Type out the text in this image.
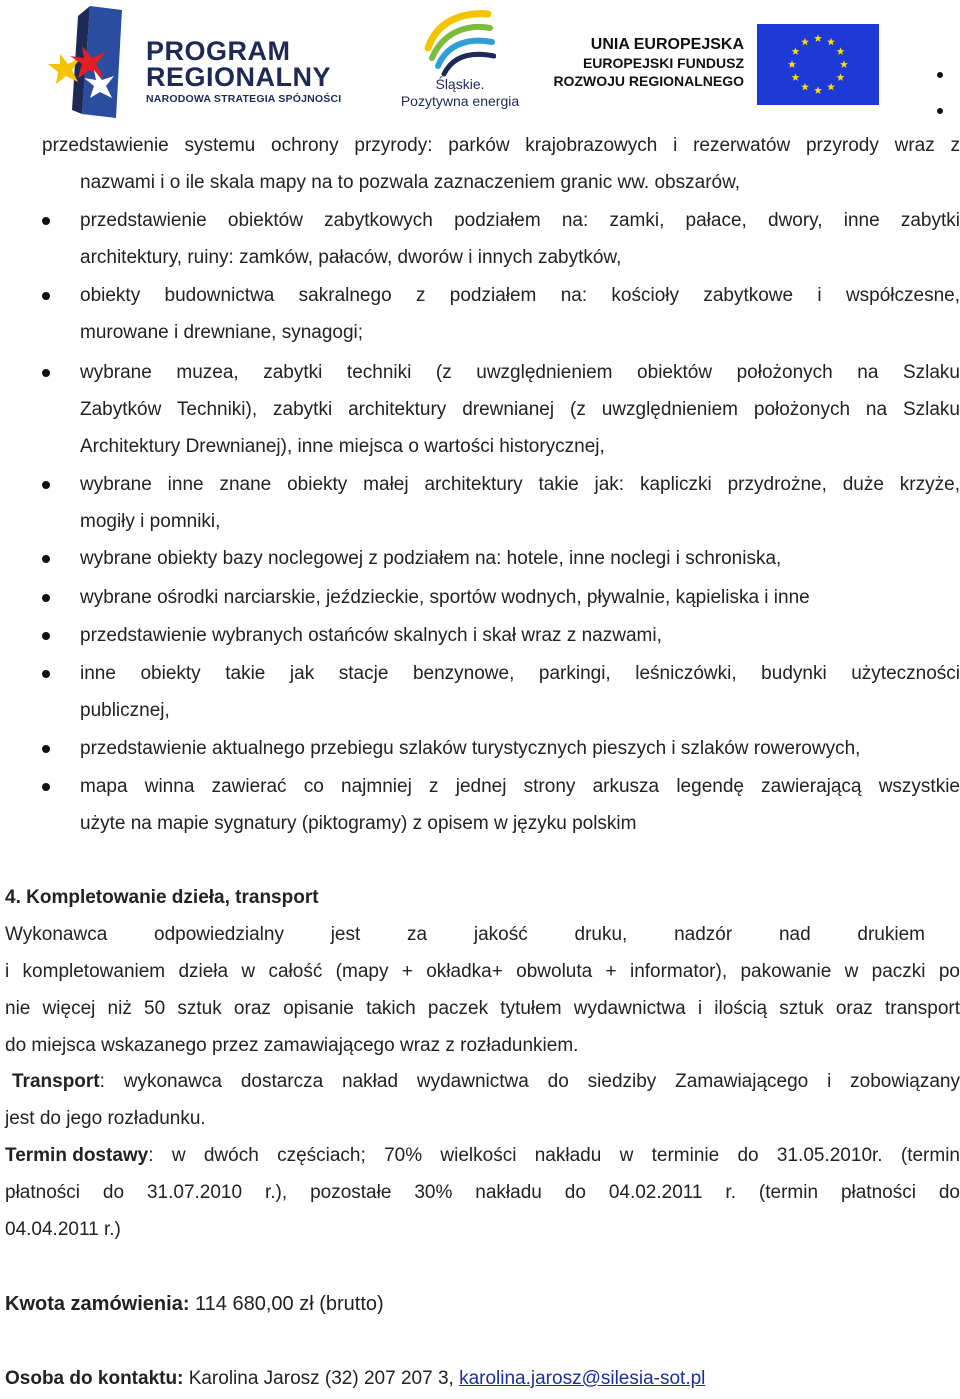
PROGRAM
REGIONALNY
NARODOWA STRATEGIA SPÓJNOŚCI
Śląskie.
Pozytywna energia
UNIA EUROPEJSKA
EUROPEJSKI FUNDUSZ
ROZWOJU REGIONALNEGO
przedstawienie systemu ochrony przyrody: parków krajobrazowych i rezerwatów przyrody wraz z
nazwami i o ile skala mapy na to pozwala zaznaczeniem granic ww. obszarów,
przedstawienie obiektów zabytkowych podziałem na: zamki, pałace, dwory, inne zabytki
architektury, ruiny: zamków, pałaców, dworów i innych zabytków,
obiekty budownictwa sakralnego z podziałem na: kościoły zabytkowe i współczesne,
murowane i drewniane, synagogi;
wybrane muzea, zabytki techniki (z uwzględnieniem obiektów położonych na Szlaku
Zabytków Techniki), zabytki architektury drewnianej (z uwzględnieniem położonych na Szlaku
Architektury Drewnianej), inne miejsca o wartości historycznej,
wybrane inne znane obiekty małej architektury takie jak: kapliczki przydrożne, duże krzyże,
mogiły i pomniki,
wybrane obiekty bazy noclegowej z podziałem na: hotele, inne noclegi i schroniska,
wybrane ośrodki narciarskie, jeździeckie, sportów wodnych, pływalnie, kąpieliska i inne
przedstawienie wybranych ostańców skalnych i skał wraz z nazwami,
inne obiekty takie jak stacje benzynowe, parkingi, leśniczówki, budynki użyteczności
publicznej,
przedstawienie aktualnego przebiegu szlaków turystycznych pieszych i szlaków rowerowych,
mapa winna zawierać co najmniej z jednej strony arkusza legendę zawierającą wszystkie
użyte na mapie sygnatury (piktogramy) z opisem w języku polskim
4. Kompletowanie dzieła, transport
Wykonawca odpowiedzialny jest za jakość druku, nadzór nad drukiem
i kompletowaniem dzieła w całość (mapy + okładka+ obwoluta + informator), pakowanie w paczki po
nie więcej niż 50 sztuk oraz opisanie takich paczek tytułem wydawnictwa i ilością sztuk oraz transport
do miejsca wskazanego przez zamawiającego wraz z rozładunkiem.
Transport : wykonawca dostarcza nakład wydawnictwa do siedziby Zamawiającego i zobowiązany
jest do jego rozładunku.
Termin dostawy : w dwóch częściach; 70% wielkości nakładu w terminie do 31.05.2010r. (termin
płatności do 31.07.2010 r.), pozostałe 30% nakładu do 04.02.2011 r. (termin płatności do
04.04.2011 r.)
Kwota zamówienia: 114 680,00 zł (brutto)
Osoba do kontaktu: Karolina Jarosz (32) 207 207 3, karolina.jarosz@silesia-sot.pl
